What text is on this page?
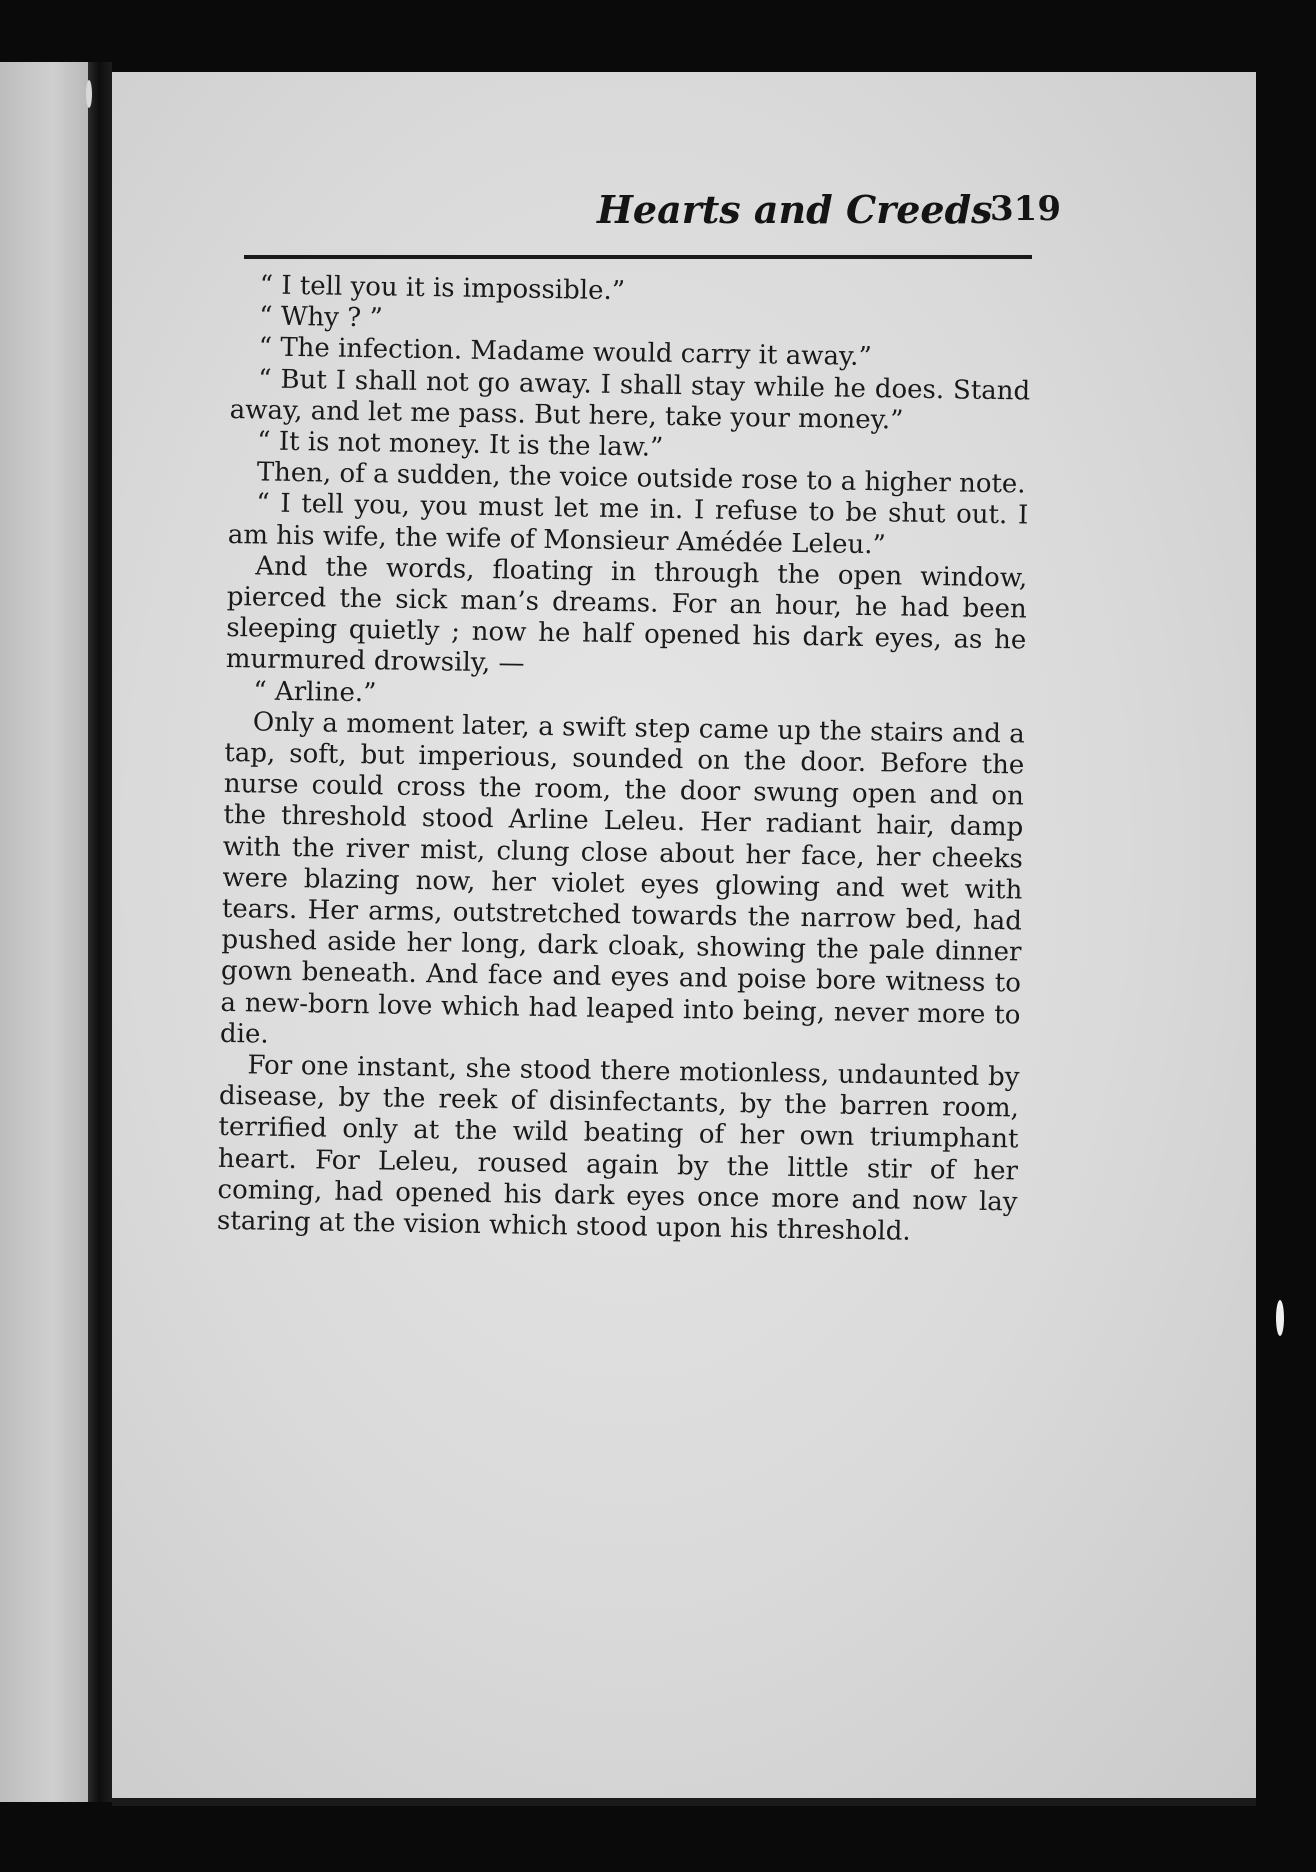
Hearts and Creeds
319

“ I tell you it is impossible.”

“ Why ? ”

“ The infection. Madame would carry it away.”

“ But I shall not go away. I shall stay while he does. Stand away, and let me pass. But here, take your money.”

“ It is not money. It is the law.”

Then, of a sudden, the voice outside rose to a higher note.

“ I tell you, you must let me in. I refuse to be shut out. I am his wife, the wife of Monsieur Amédée Leleu.”

And the words, floating in through the open window, pierced the sick man’s dreams. For an hour, he had been sleeping quietly ; now he half opened his dark eyes, as he murmured drowsily, —

“ Arline.”

Only a moment later, a swift step came up the stairs and a tap, soft, but imperious, sounded on the door. Before the nurse could cross the room, the door swung open and on the threshold stood Arline Leleu. Her radiant hair, damp with the river mist, clung close about her face, her cheeks were blazing now, her violet eyes glowing and wet with tears. Her arms, outstretched towards the narrow bed, had pushed aside her long, dark cloak, showing the pale dinner gown beneath. And face and eyes and poise bore witness to a new-born love which had leaped into being, never more to die.

For one instant, she stood there motionless, undaunted by disease, by the reek of disinfectants, by the barren room, terrified only at the wild beating of her own triumphant heart. For Leleu, roused again by the little stir of her coming, had opened his dark eyes once more and now lay staring at the vision which stood upon his threshold.
